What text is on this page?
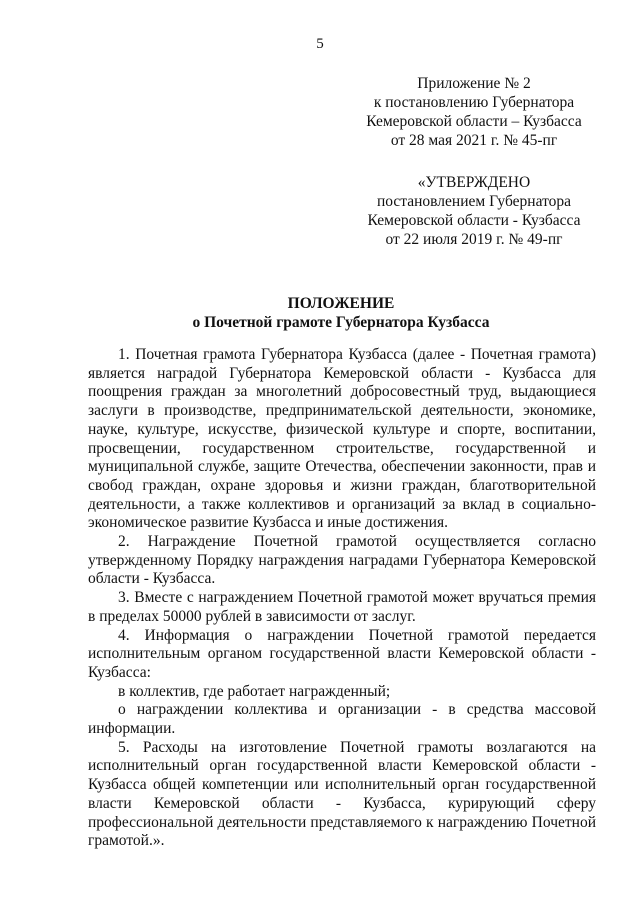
5
Приложение № 2
к постановлению Губернатора
Кемеровской области – Кузбасса
от 28 мая 2021 г. № 45-пг
«УТВЕРЖДЕНО
постановлением Губернатора
Кемеровской области - Кузбасса
от 22 июля 2019 г. № 49-пг
ПОЛОЖЕНИЕ
о Почетной грамоте Губернатора Кузбасса

1. Почетная грамота Губернатора Кузбасса (далее - Почетная грамота) является наградой Губернатора Кемеровской области - Кузбасса для поощрения граждан за многолетний добросовестный труд, выдающиеся заслуги в производстве, предпринимательской деятельности, экономике, науке, культуре, искусстве, физической культуре и спорте, воспитании, просвещении, государственном строительстве, государственной и муниципальной службе, защите Отечества, обеспечении законности, прав и свобод граждан, охране здоровья и жизни граждан, благотворительной деятельности, а также коллективов и организаций за вклад в социально-экономическое развитие Кузбасса и иные достижения.

2. Награждение Почетной грамотой осуществляется согласно утвержденному Порядку награждения наградами Губернатора Кемеровской области - Кузбасса.

3. Вместе с награждением Почетной грамотой может вручаться премия в пределах 50000 рублей в зависимости от заслуг.

4. Информация о награждении Почетной грамотой передается исполнительным органом государственной власти Кемеровской области - Кузбасса:

в коллектив, где работает награжденный;

о награждении коллектива и организации - в средства массовой информации.

5. Расходы на изготовление Почетной грамоты возлагаются на исполнительный орган государственной власти Кемеровской области - Кузбасса общей компетенции или исполнительный орган государственной власти Кемеровской области - Кузбасса, курирующий сферу профессиональной деятельности представляемого к награждению Почетной грамотой.».
